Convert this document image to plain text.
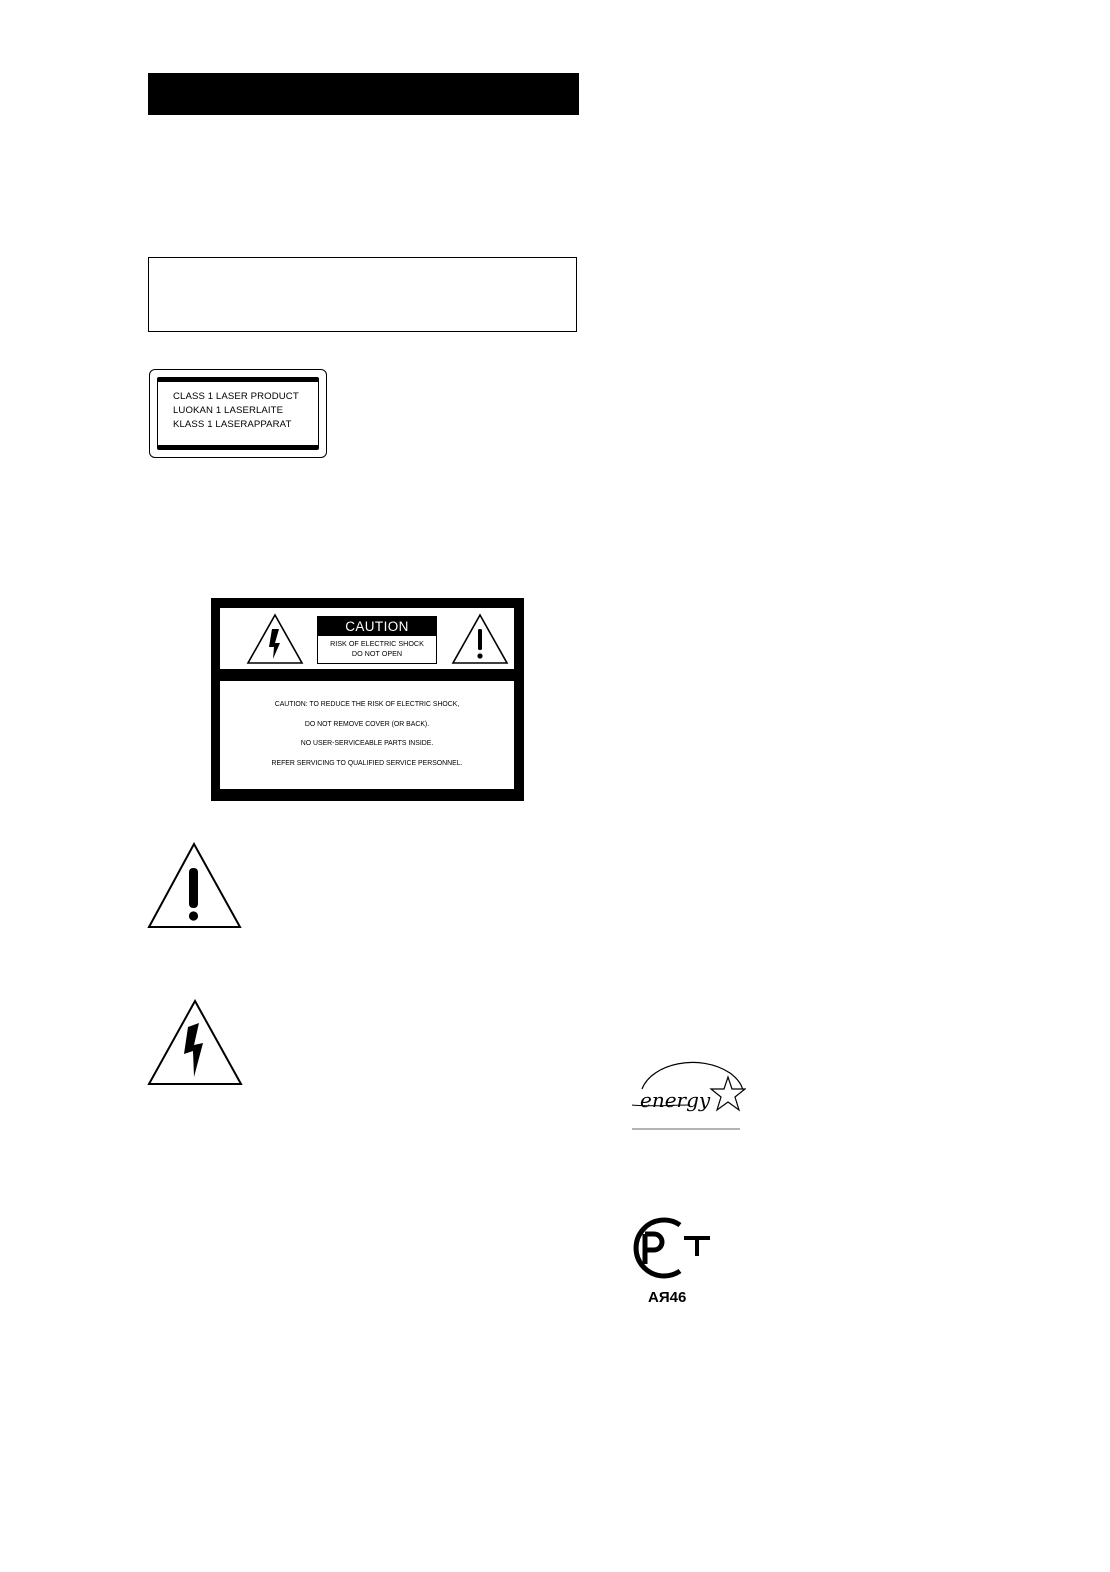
CLASS 1 LASER PRODUCT
LUOKAN 1 LASERLAITE
KLASS 1 LASERAPPARAT
CAUTION
RISK OF ELECTRIC SHOCK
DO NOT OPEN
CAUTION: TO REDUCE THE RISK OF ELECTRIC SHOCK,
DO NOT REMOVE COVER (OR BACK).
NO USER-SERVICEABLE PARTS INSIDE.
REFER SERVICING TO QUALIFIED SERVICE PERSONNEL.
energy
АЯ46
